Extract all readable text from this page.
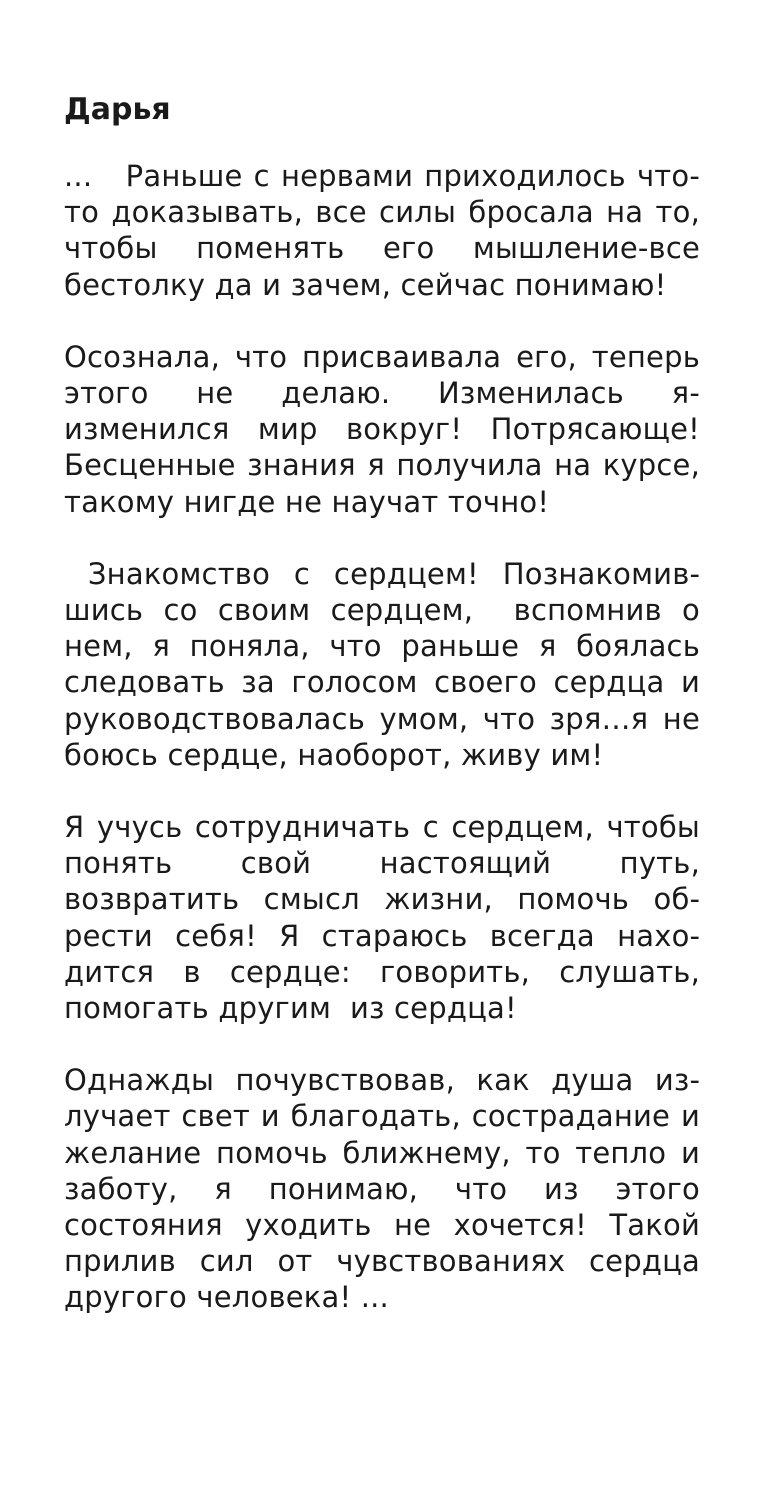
Дарья

...   Раньше с нервами приходилось что- то доказывать, все силы бросала на то, чтобы поменять его мышление-все бестолку да и зачем, сейчас понимаю!

Осознала, что присваивала его, теперь этого не делаю. Изменилась я-изменился мир вокруг! Потрясающе! Бесценные знания я получила на курсе, такому нигде не научат точно!

Знакомство с сердцем! Познакомившись со своим сердцем,  вспомнив о нем, я поняла, что раньше я боялась следовать за голосом своего сердца и руководствовалась умом, что зря…я не боюсь сердце, наоборот, живу им!

Я учусь сотрудничать с сердцем, чтобы понять свой настоящий путь, возвратить смысл жизни, помочь обрести себя! Я стараюсь всегда находится в сердце: говорить, слушать, помогать другим  из сердца!

Однажды почувствовав, как душа излучает свет и благодать, сострадание и желание помочь ближнему, то тепло и заботу, я понимаю, что из этого состояния уходить не хочется! Такой прилив сил от чувствованиях сердца другого человека! ...
